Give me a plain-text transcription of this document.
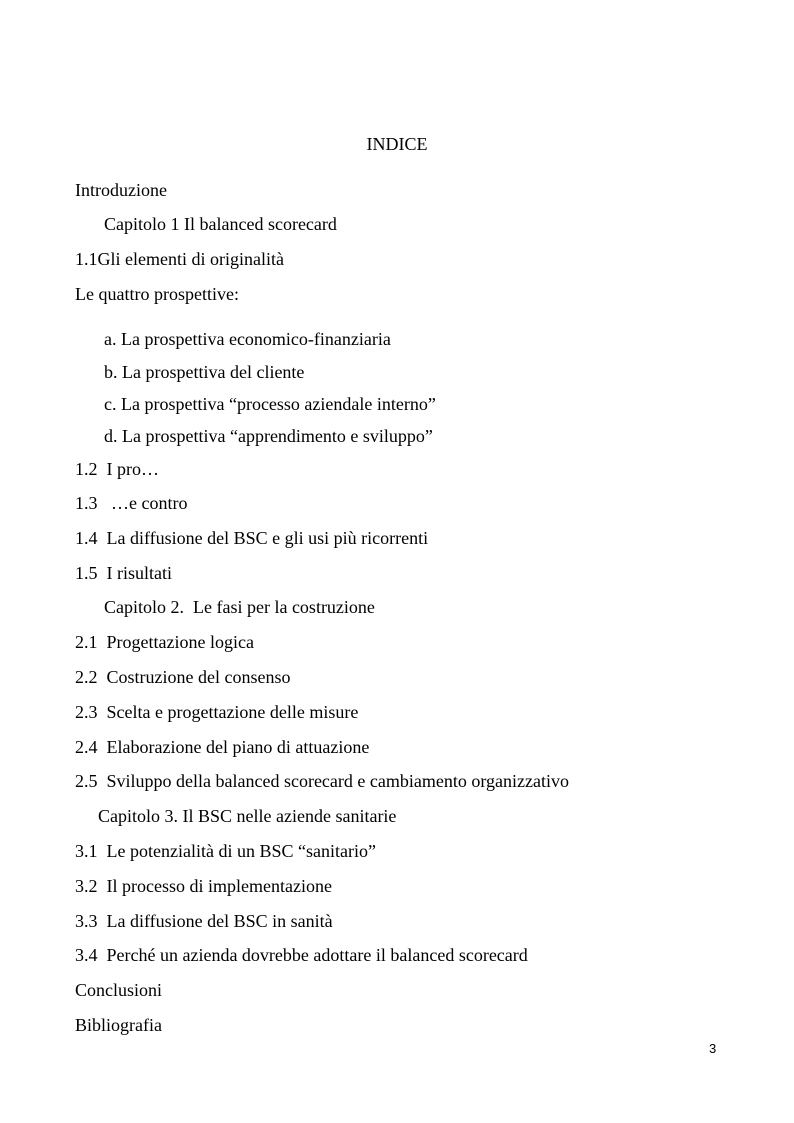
INDICE
Introduzione
Capitolo 1 Il balanced scorecard
1.1Gli elementi di originalità
Le quattro prospettive:
a. La prospettiva economico-finanziaria
b. La prospettiva del cliente
c. La prospettiva “processo aziendale interno”
d. La prospettiva “apprendimento e sviluppo”
1.2  I pro…
1.3   …e contro
1.4  La diffusione del BSC e gli usi più ricorrenti
1.5  I risultati
Capitolo 2.  Le fasi per la costruzione
2.1  Progettazione logica
2.2  Costruzione del consenso
2.3  Scelta e progettazione delle misure
2.4  Elaborazione del piano di attuazione
2.5  Sviluppo della balanced scorecard e cambiamento organizzativo
Capitolo 3. Il BSC nelle aziende sanitarie
3.1  Le potenzialità di un BSC “sanitario”
3.2  Il processo di implementazione
3.3  La diffusione del BSC in sanità
3.4  Perché un azienda dovrebbe adottare il balanced scorecard
Conclusioni
Bibliografia
3
